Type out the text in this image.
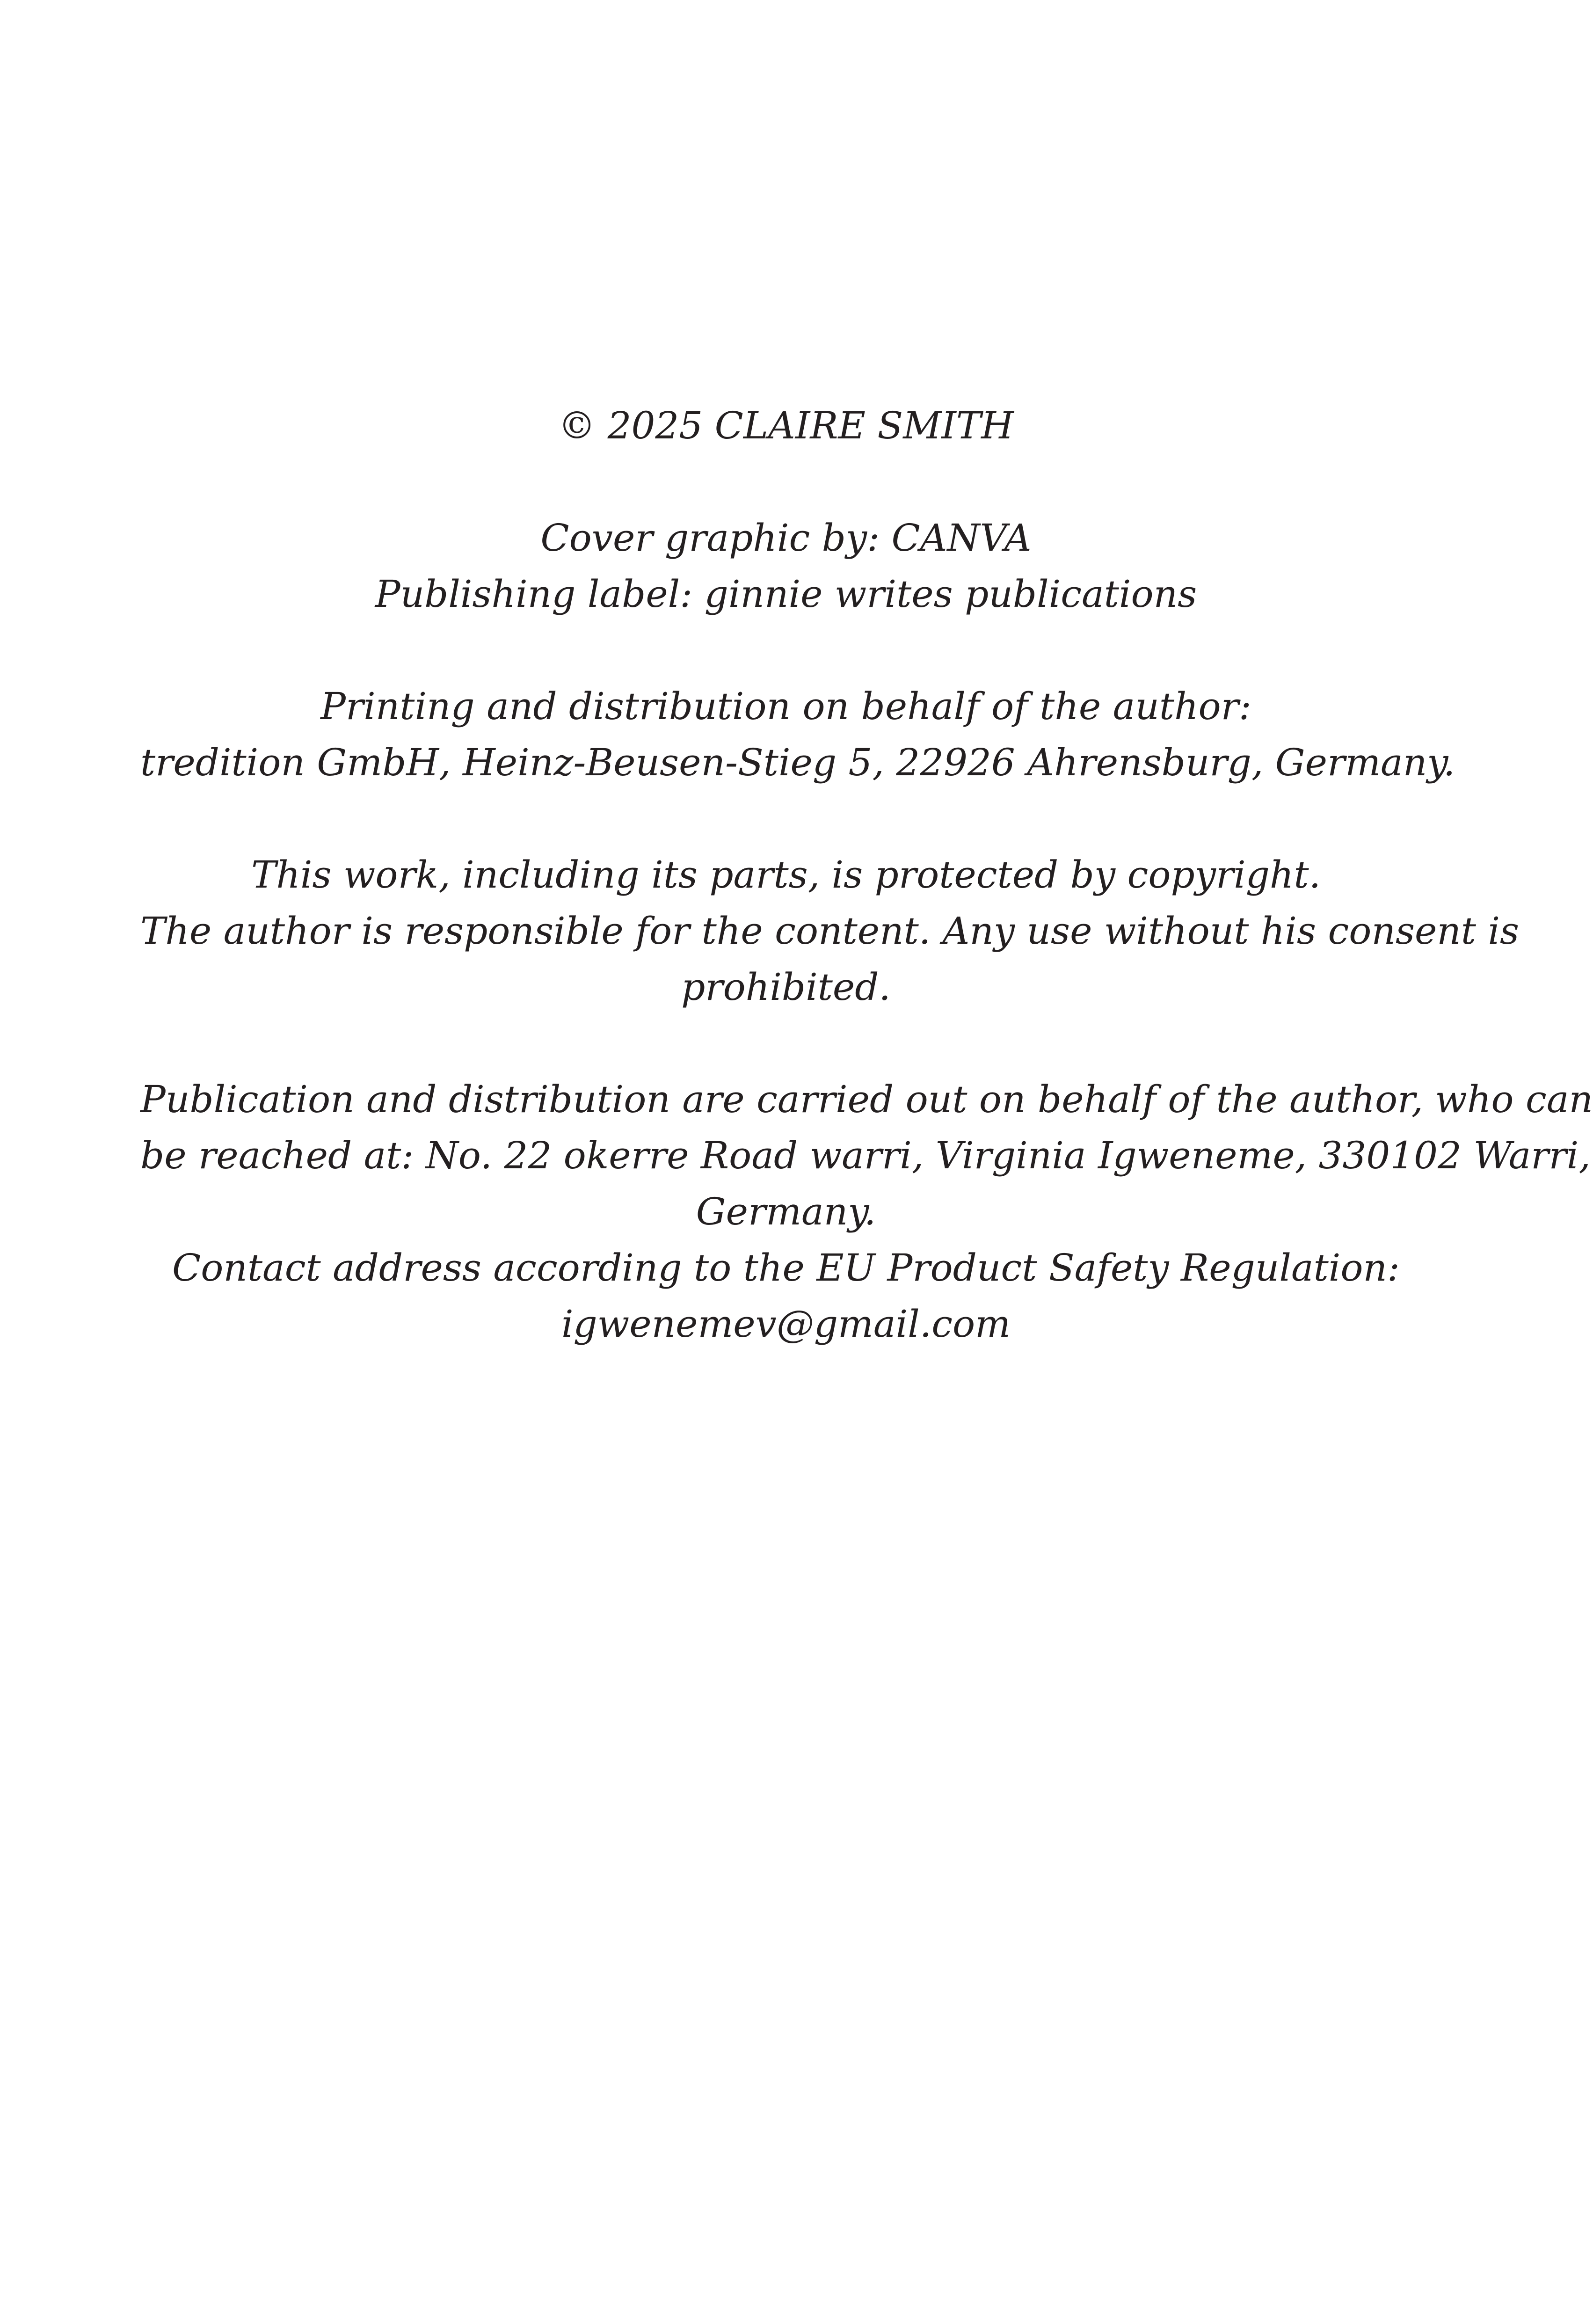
© 2025 CLAIRE SMITH
Cover graphic by: CANVA
Publishing label: ginnie writes publications
Printing and distribution on behalf of the author:
tredition GmbH, Heinz-Beusen-Stieg 5, 22926 Ahrensburg, Germany.
This work, including its parts, is protected by copyright.
The author is responsible for the content. Any use without his consent is
prohibited.
Publication and distribution are carried out on behalf of the author, who can
be reached at: No. 22 okerre Road warri, Virginia Igweneme, 330102 Warri,
Germany.
Contact address according to the EU Product Safety Regulation:
igwenemev@gmail.com
